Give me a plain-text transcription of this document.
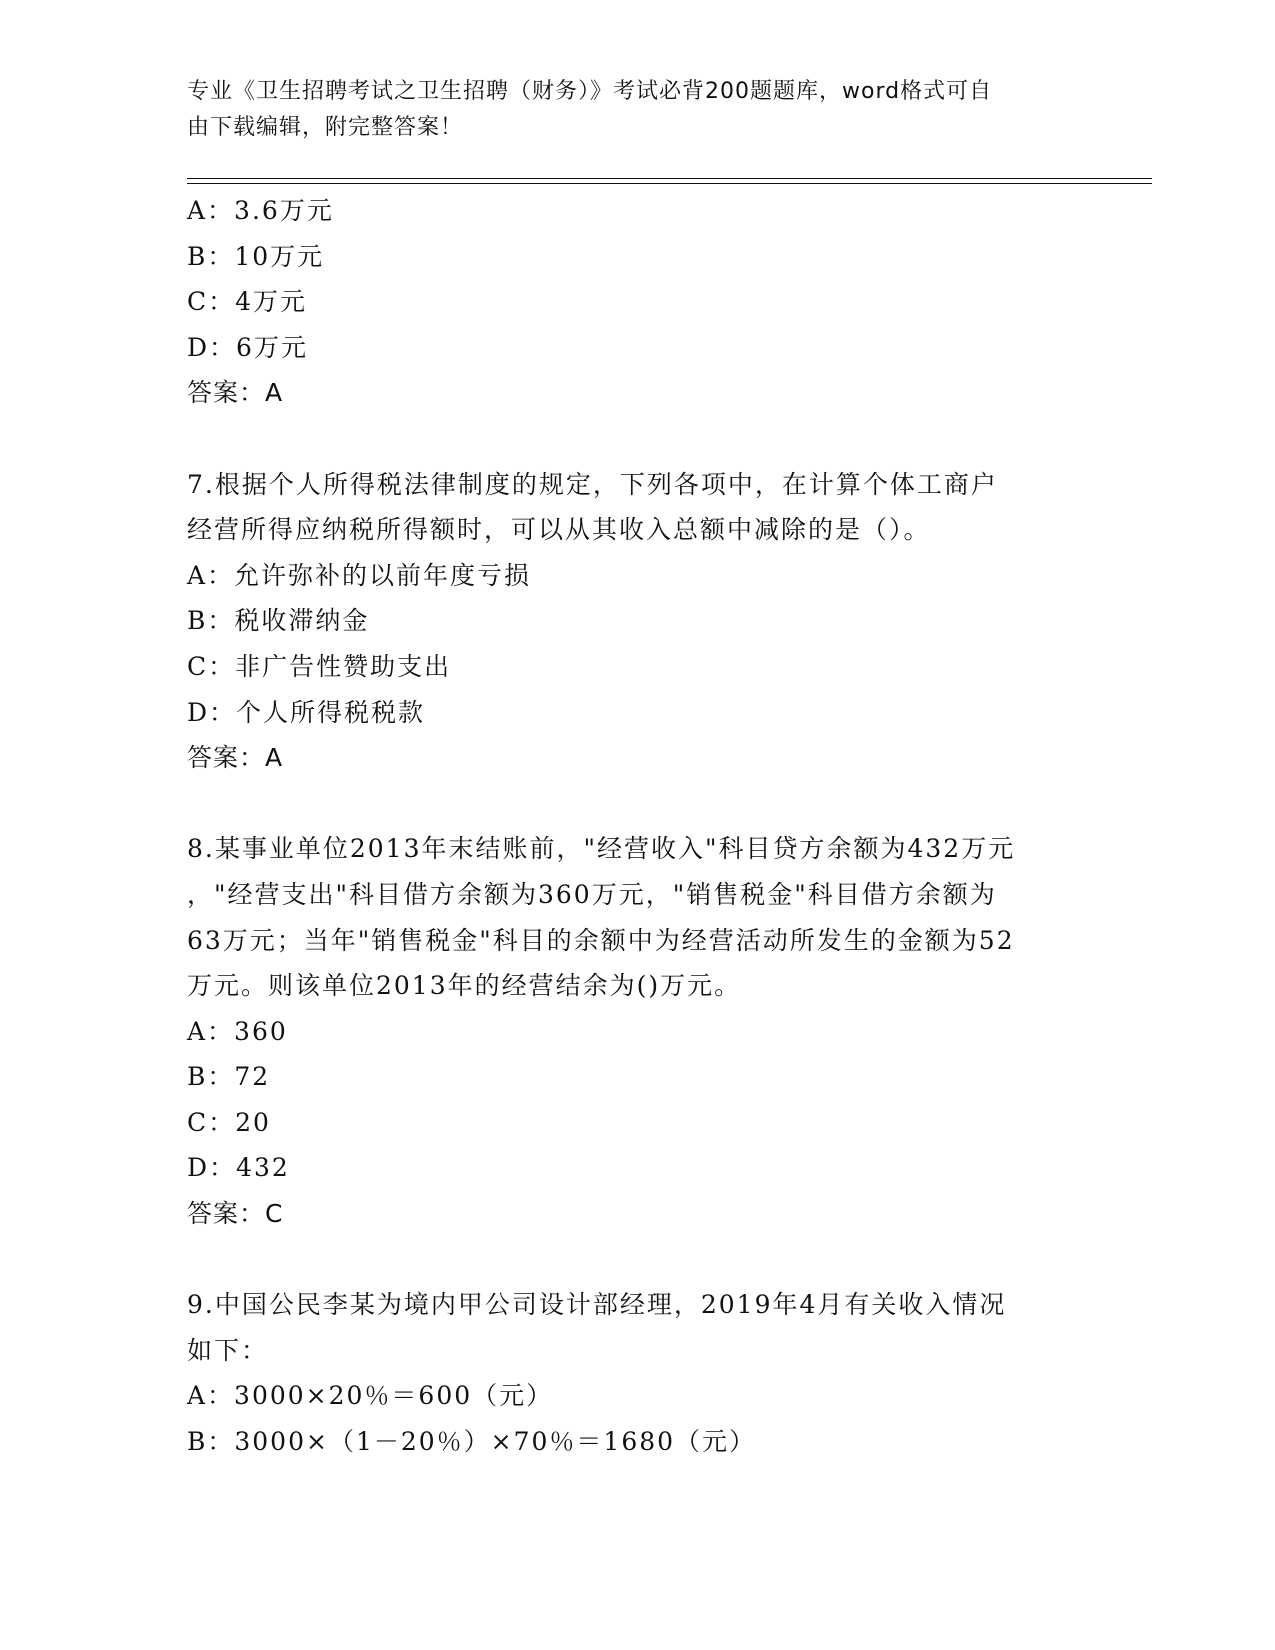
专业《卫生招聘考试之卫生招聘（财务）》考试必背200题题库，word格式可自
由下载编辑，附完整答案！
A：3.6万元
B：10万元
C：4万元
D：6万元
答案：A
7.根据个人所得税法律制度的规定，下列各项中，在计算个体工商户
经营所得应纳税所得额时，可以从其收入总额中减除的是（）。
A：允许弥补的以前年度亏损
B：税收滞纳金
C：非广告性赞助支出
D：个人所得税税款
答案：A
8.某事业单位2013年末结账前，"经营收入"科目贷方余额为432万元
，"经营支出"科目借方余额为360万元，"销售税金"科目借方余额为
63万元；当年"销售税金"科目的余额中为经营活动所发生的金额为52
万元。则该单位2013年的经营结余为()万元。
A：360
B：72
C：20
D：432
答案：C
9.中国公民李某为境内甲公司设计部经理，2019年4月有关收入情况
如下：
A：3000×20％＝600（元）
B：3000×（1－20％）×70％＝1680（元）
